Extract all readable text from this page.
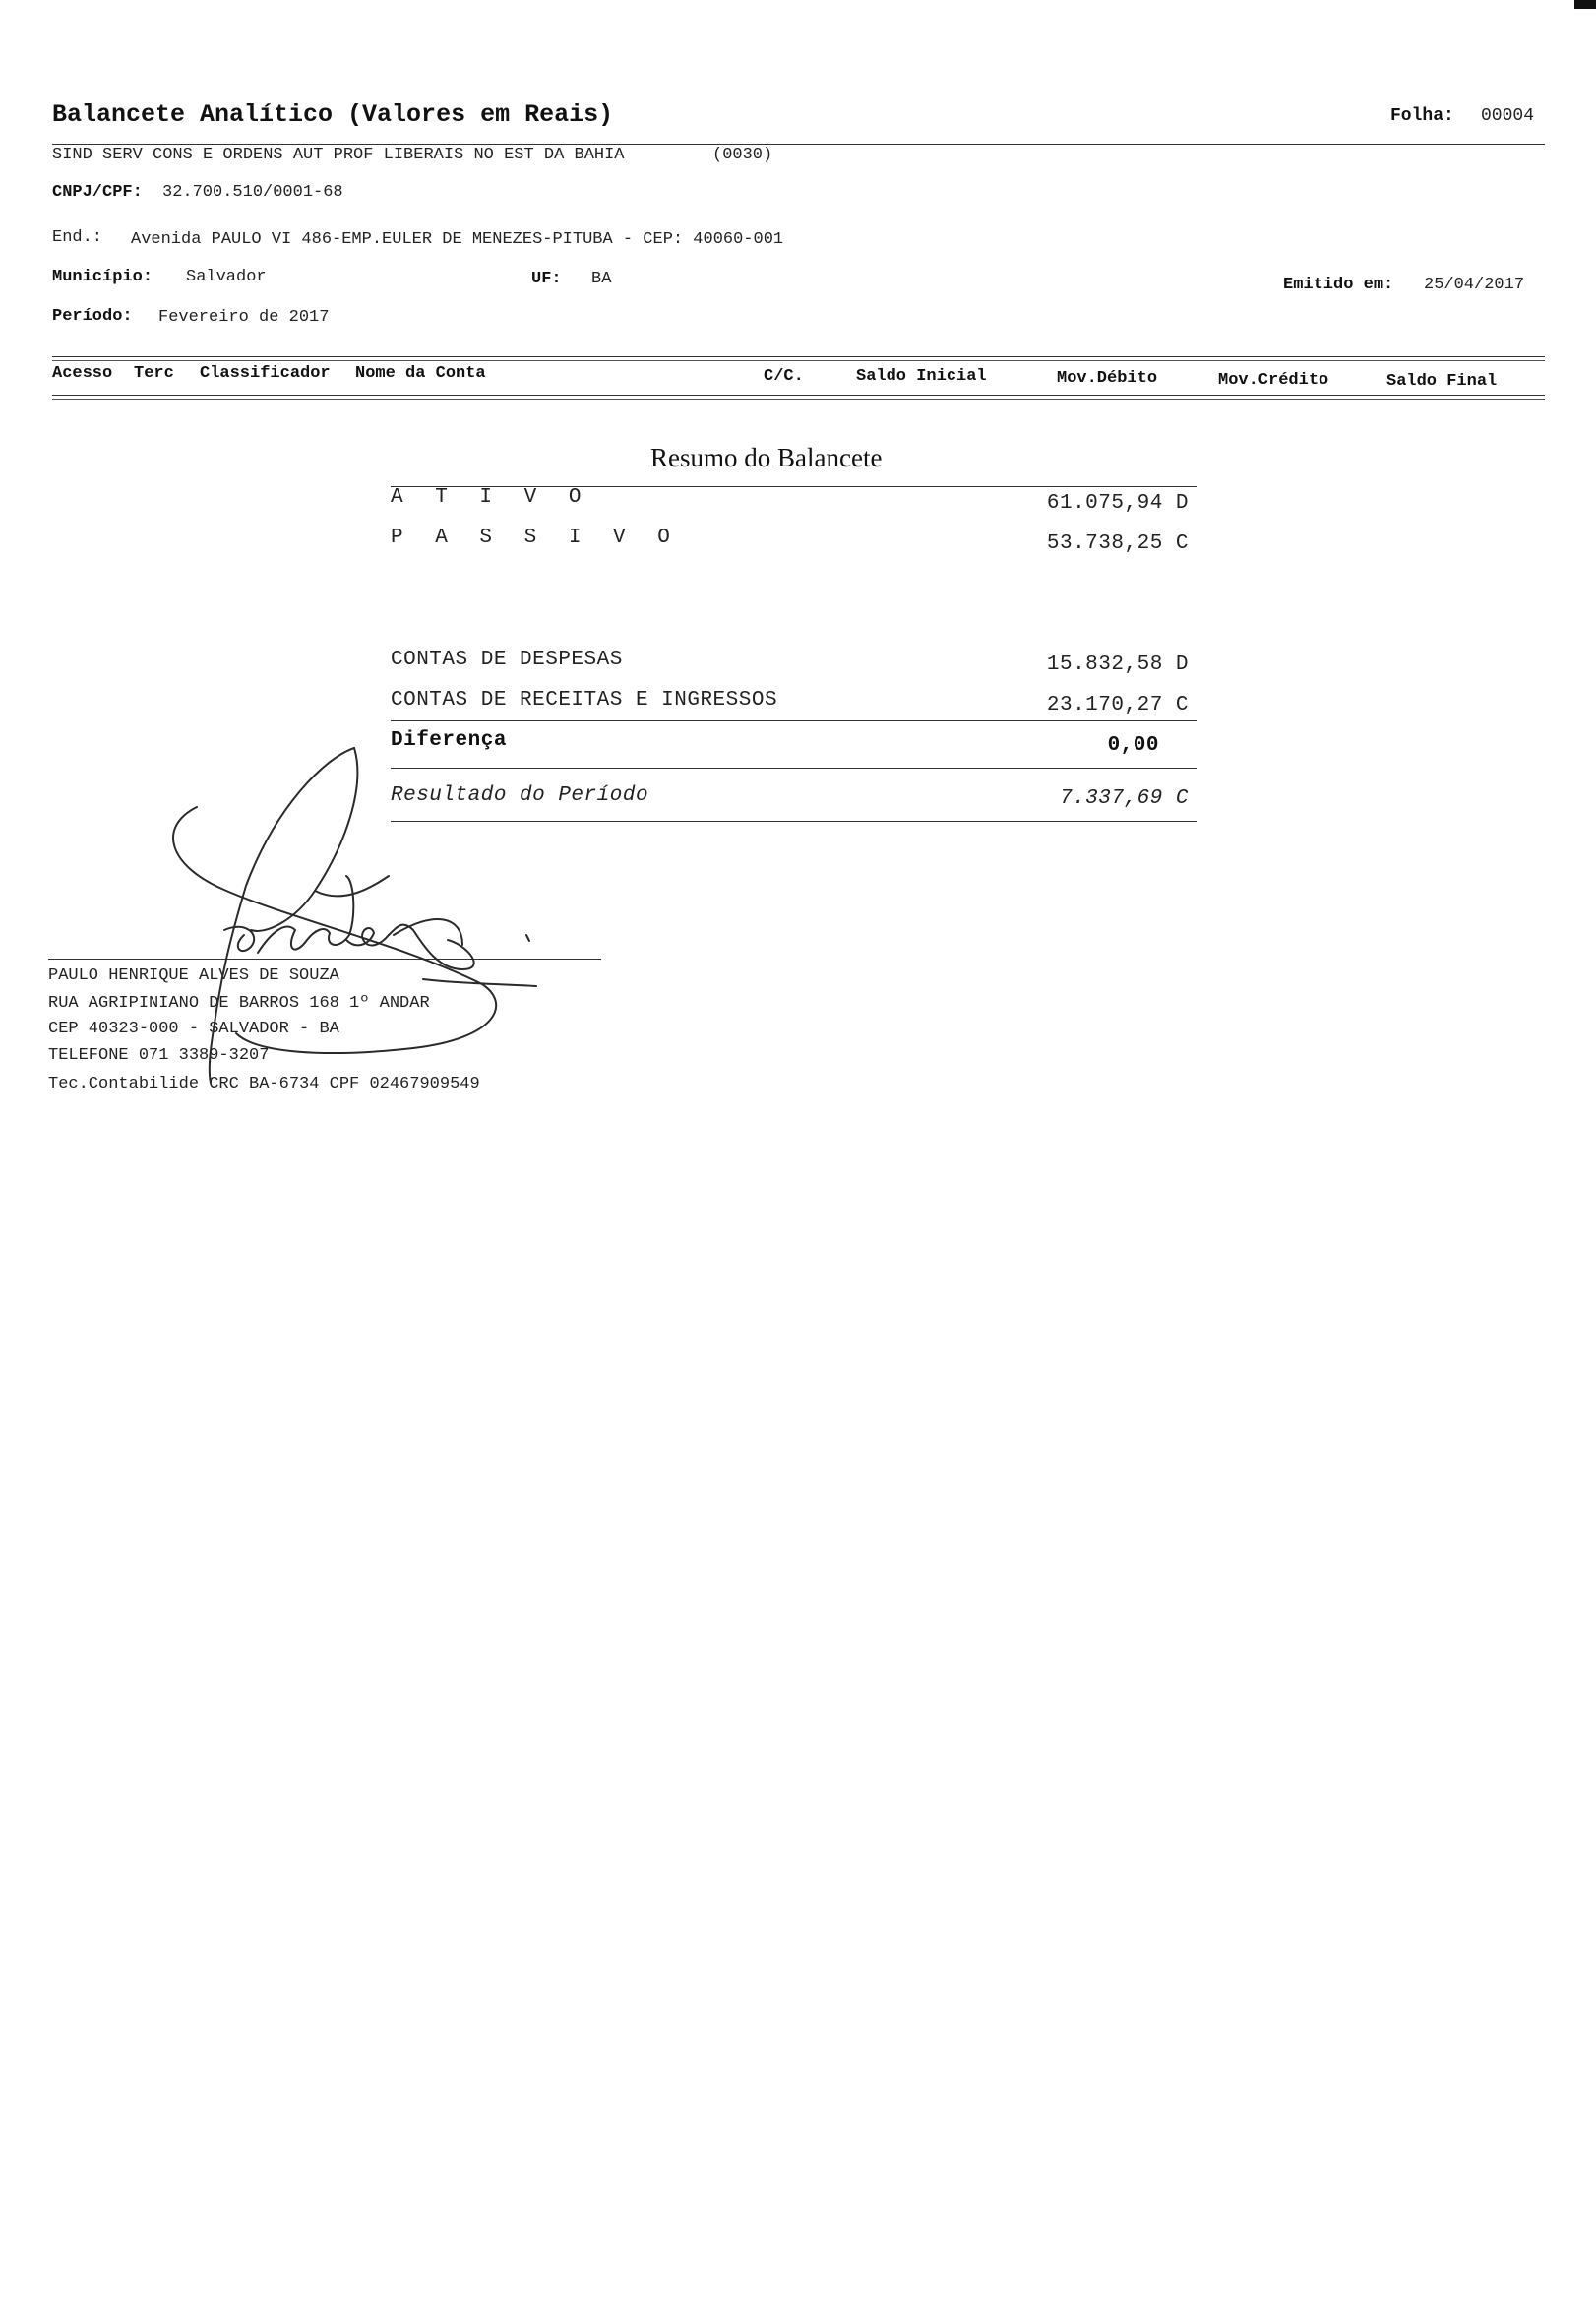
Balancete Analítico (Valores em Reais)	Folha: 00004
SIND SERV CONS E ORDENS AUT PROF LIBERAIS NO EST DA BAHIA	(0030)
CNPJ/CPF: 32.700.510/0001-68
End.: Avenida PAULO VI 486-EMP.EULER DE MENEZES-PITUBA - CEP: 40060-001
Município: Salvador	UF: BA	Emitido em: 25/04/2017
Período: Fevereiro de 2017
Acesso Terc Classificador Nome da Conta	C/C.	Saldo Inicial	Mov.Débito	Mov.Crédito	Saldo Final
Resumo do Balancete
A T I V O	61.075,94 D
P A S S I V O	53.738,25 C
CONTAS DE DESPESAS	15.832,58 D
CONTAS DE RECEITAS E INGRESSOS	23.170,27 C
Diferença	0,00
Resultado do Período	7.337,69 C
PAULO HENRIQUE ALVES DE SOUZA
RUA AGRIPINIANO DE BARROS 168 1º ANDAR
CEP 40323-000 - SALVADOR - BA
TELEFONE 071 3389-3207
Tec.Contabilide CRC BA-6734 CPF 02467909549
